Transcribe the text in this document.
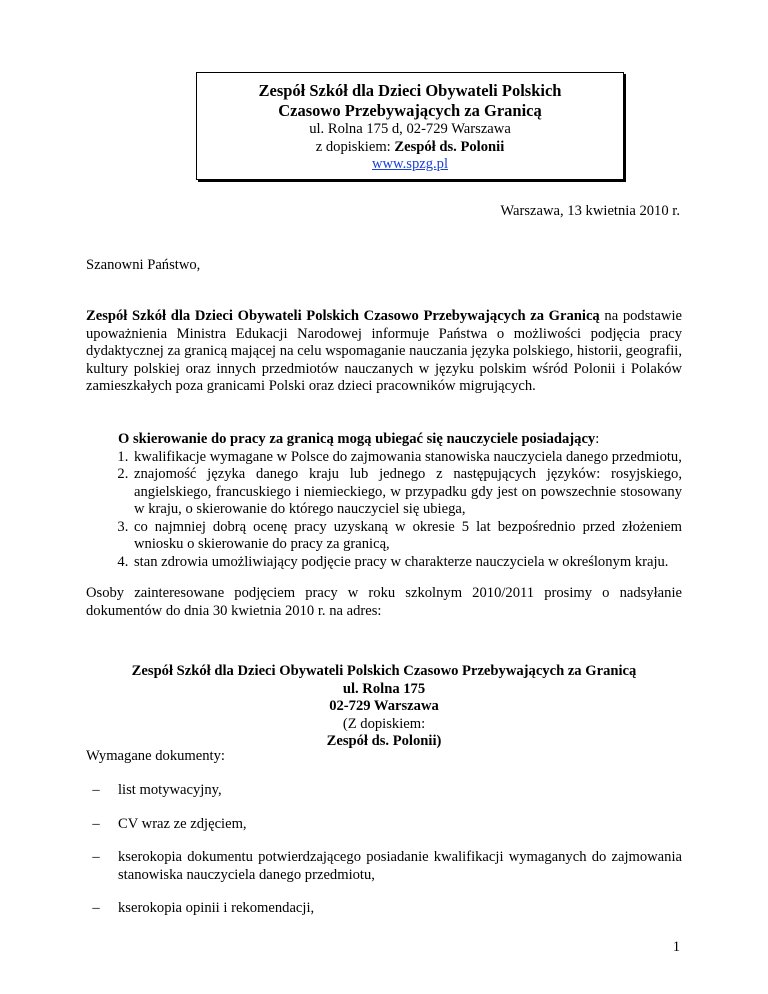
Zespół Szkół dla Dzieci Obywateli Polskich
Czasowo Przebywających za Granicą
ul. Rolna 175 d, 02-729 Warszawa
z dopiskiem: Zespół ds. Polonii
www.spzg.pl
Warszawa, 13 kwietnia 2010 r.
Szanowni Państwo,

Zespół Szkół dla Dzieci Obywateli Polskich Czasowo Przebywających za Granicą na podstawie upoważnienia Ministra Edukacji Narodowej informuje Państwa o możliwości podjęcia pracy dydaktycznej za granicą mającej na celu wspomaganie nauczania języka polskiego, historii, geografii, kultury polskiej oraz innych przedmiotów nauczanych w języku polskim wśród Polonii i Polaków zamieszkałych poza granicami Polski oraz dzieci pracowników migrujących.

O skierowanie do pracy za granicą mogą ubiegać się nauczyciele posiadający:
1. kwalifikacje wymagane w Polsce do zajmowania stanowiska nauczyciela danego przedmiotu,
2. znajomość języka danego kraju lub jednego z następujących języków: rosyjskiego, angielskiego, francuskiego i niemieckiego, w przypadku gdy jest on powszechnie stosowany w kraju, o skierowanie do którego nauczyciel się ubiega,
3. co najmniej dobrą ocenę pracy uzyskaną w okresie 5 lat bezpośrednio przed złożeniem wniosku o skierowanie do pracy za granicą,
4. stan zdrowia umożliwiający podjęcie pracy w charakterze nauczyciela w określonym kraju.

Osoby zainteresowane podjęciem pracy w roku szkolnym 2010/2011 prosimy o nadsyłanie dokumentów do dnia 30 kwietnia 2010 r. na adres:

Zespół Szkół dla Dzieci Obywateli Polskich Czasowo Przebywających za Granicą
ul. Rolna 175
02-729 Warszawa
(Z dopiskiem:
Zespół ds. Polonii)
Wymagane dokumenty:
–	list motywacyjny,
–	CV wraz ze zdjęciem,
–	kserokopia dokumentu potwierdzającego posiadanie kwalifikacji wymaganych do zajmowania stanowiska nauczyciela danego przedmiotu,
–	kserokopia opinii i rekomendacji,
1
